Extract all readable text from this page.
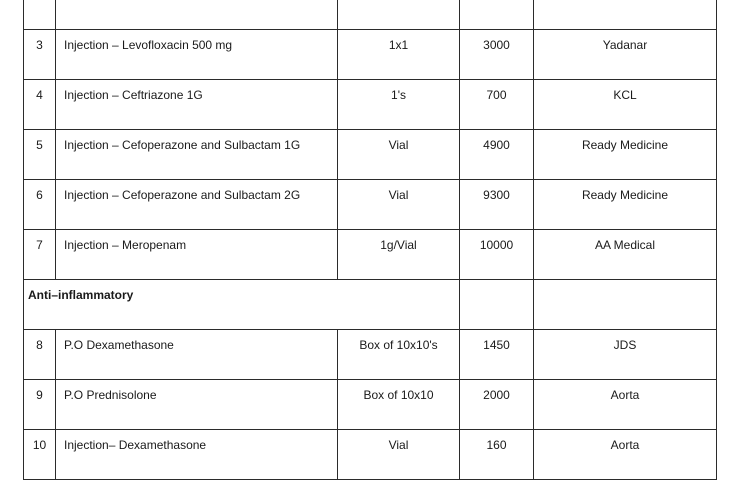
3	Injection – Levofloxacin 500 mg	1x1	3000	Yadanar
4	Injection – Ceftriazone 1G	1's	700	KCL
5	Injection – Cefoperazone and Sulbactam 1G	Vial	4900	Ready Medicine
6	Injection – Cefoperazone and Sulbactam 2G	Vial	9300	Ready Medicine
7	Injection – Meropenam	1g/Vial	10000	AA Medical
Anti–inflammatory
8	P.O Dexamethasone	Box of 10x10's	1450	JDS
9	P.O Prednisolone	Box of 10x10	2000	Aorta
10	Injection– Dexamethasone	Vial	160	Aorta
